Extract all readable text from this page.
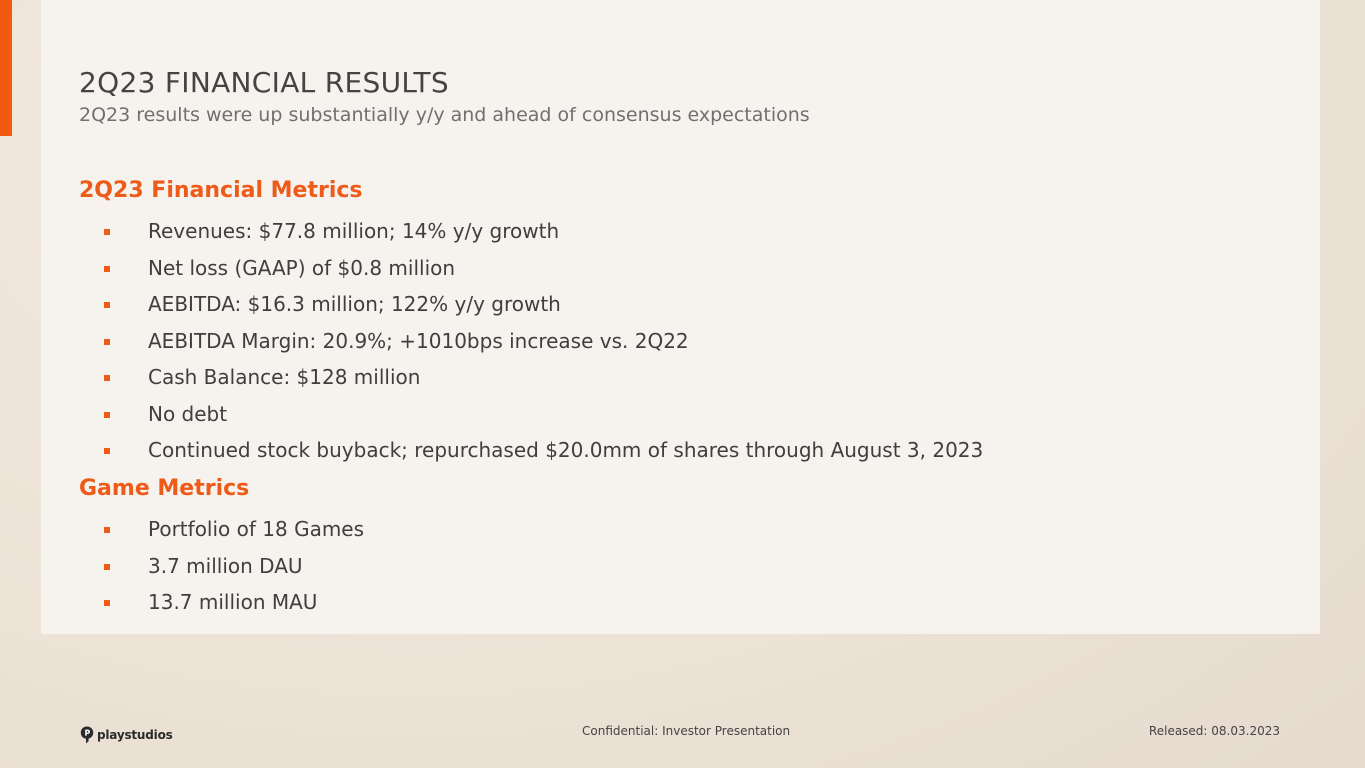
2Q23 FINANCIAL RESULTS
2Q23 results were up substantially y/y and ahead of consensus expectations
2Q23 Financial Metrics
Revenues: $77.8 million; 14% y/y growth
Net loss (GAAP) of $0.8 million
AEBITDA: $16.3 million; 122% y/y growth
AEBITDA Margin: 20.9%; +1010bps increase vs. 2Q22
Cash Balance: $128 million
No debt
Continued stock buyback; repurchased $20.0mm of shares through August 3, 2023
Game Metrics
Portfolio of 18 Games
3.7 million DAU
13.7 million MAU
playstudios	Confidential: Investor Presentation	Released: 08.03.2023
